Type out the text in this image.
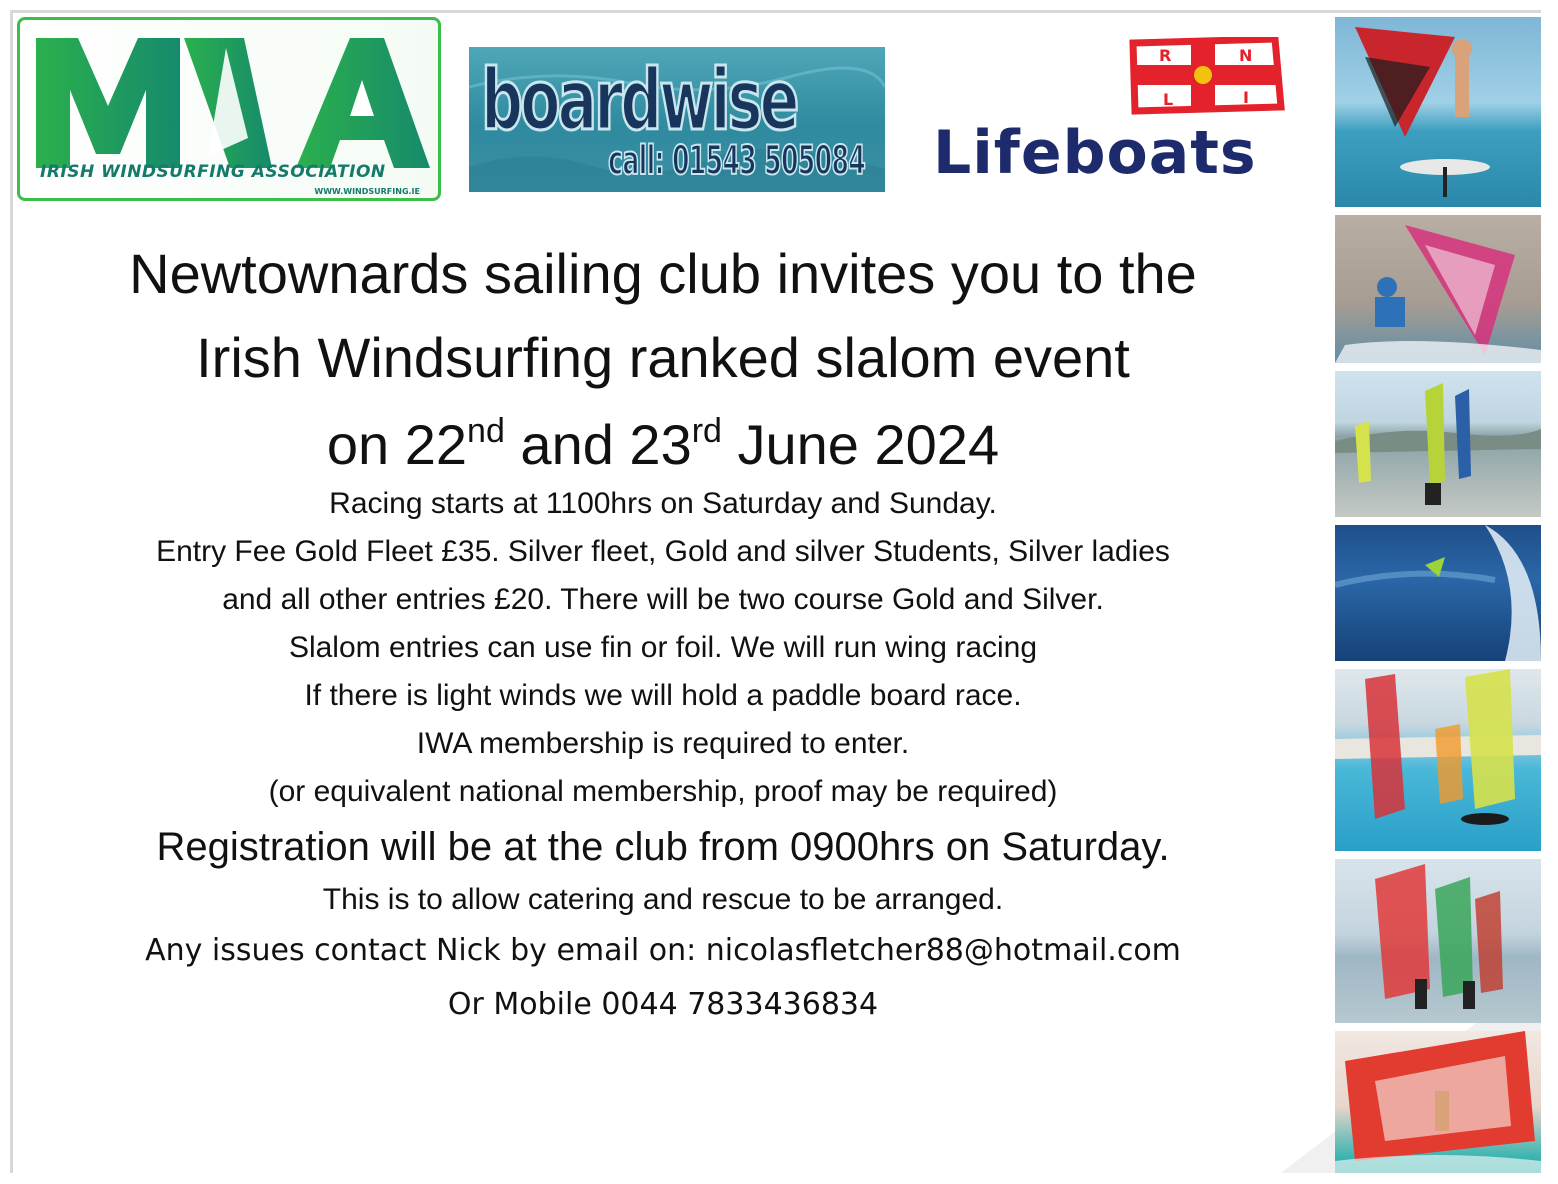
IRISH WINDSURFING ASSOCIATION
WWW.WINDSURFING.IE
boardwise
call: 01543 505084
R	N
L	I
Lifeboats
Newtownards sailing club invites you to the
Irish Windsurfing ranked slalom event
on 22nd and 23rd June 2024
Racing starts at 1100hrs on Saturday and Sunday.
Entry Fee Gold Fleet £35. Silver fleet, Gold and silver Students, Silver ladies
and all other entries £20. There will be two course Gold and Silver.
Slalom entries can use fin or foil. We will run wing racing
If there is light winds we will hold a paddle board race.
IWA membership is required to enter.
(or equivalent national membership, proof may be required)
Registration will be at the club from 0900hrs on Saturday.
This is to allow catering and rescue to be arranged.
Any issues contact Nick by email on: nicolasfletcher88@hotmail.com
Or Mobile 0044 7833436834
